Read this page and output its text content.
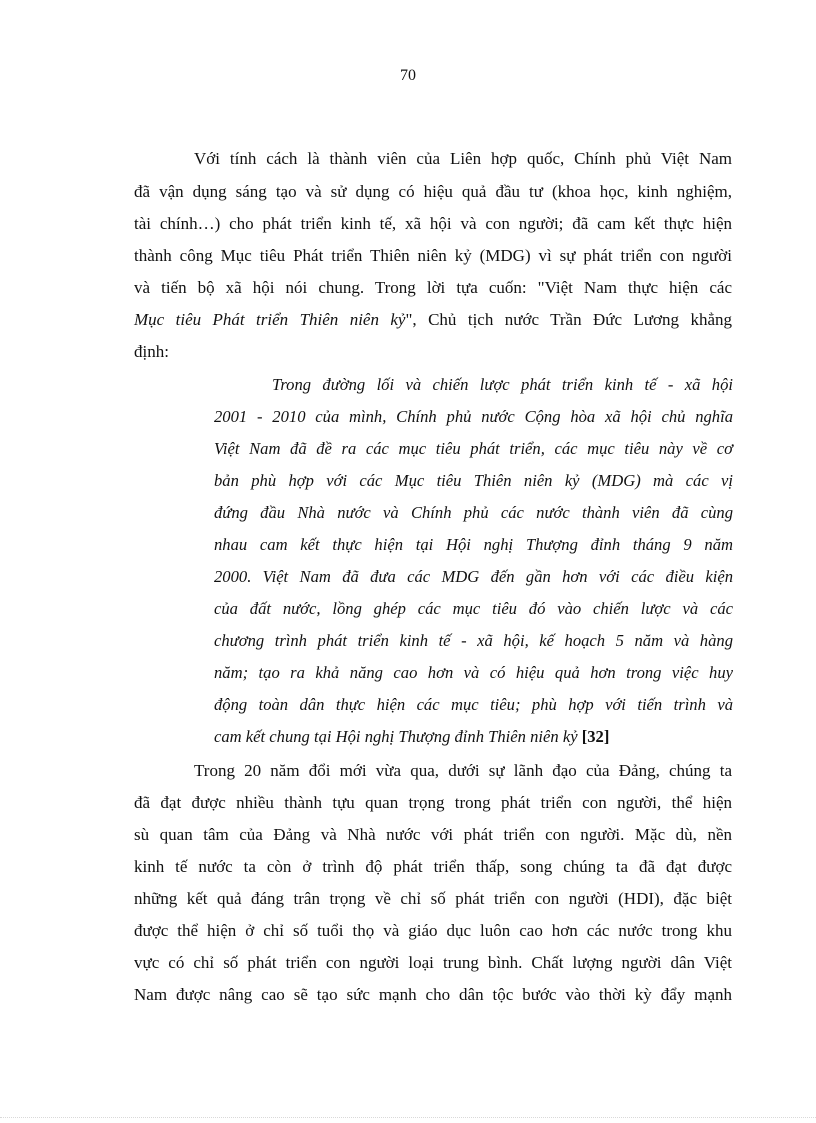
70
Với tính cách là thành viên của Liên hợp quốc, Chính phủ Việt Nam
đã vận dụng sáng tạo và sử dụng có hiệu quả đầu tư (khoa học, kinh nghiệm,
tài chính…) cho phát triển kinh tế, xã hội và con người; đã cam kết thực hiện
thành công Mục tiêu Phát triển Thiên niên kỷ (MDG) vì sự phát triển con người
và tiến bộ xã hội nói chung. Trong lời tựa cuốn: "Việt Nam thực hiện các
Mục tiêu Phát triển Thiên niên kỷ", Chủ tịch nước Trần Đức Lương khẳng
định:
Trong đường lối và chiến lược phát triển kinh tế - xã hội
2001 - 2010 của mình, Chính phủ nước Cộng hòa xã hội chủ nghĩa
Việt Nam đã đề ra các mục tiêu phát triển, các mục tiêu này về cơ
bản phù hợp với các Mục tiêu Thiên niên kỷ (MDG) mà các vị
đứng đầu Nhà nước và Chính phủ các nước thành viên đã cùng
nhau cam kết thực hiện tại Hội nghị Thượng đỉnh tháng 9 năm
2000. Việt Nam đã đưa các MDG đến gần hơn với các điều kiện
của đất nước, lồng ghép các mục tiêu đó vào chiến lược và các
chương trình phát triển kinh tế - xã hội, kế hoạch 5 năm và hàng
năm; tạo ra khả năng cao hơn và có hiệu quả hơn trong việc huy
động toàn dân thực hiện các mục tiêu; phù hợp với tiến trình và
cam kết chung tại Hội nghị Thượng đỉnh Thiên niên kỷ [32]
Trong 20 năm đổi mới vừa qua, dưới sự lãnh đạo của Đảng, chúng ta
đã đạt được nhiều thành tựu quan trọng trong phát triển con người, thể hiện
sù quan tâm của Đảng và Nhà nước với phát triển con người. Mặc dù, nền
kinh tế nước ta còn ở trình độ phát triển thấp, song chúng ta đã đạt được
những kết quả đáng trân trọng về chỉ số phát triển con người (HDI), đặc biệt
được thể hiện ở chỉ số tuổi thọ và giáo dục luôn cao hơn các nước trong khu
vực có chỉ số phát triển con người loại trung bình. Chất lượng người dân Việt
Nam được nâng cao sẽ tạo sức mạnh cho dân tộc bước vào thời kỳ đẩy mạnh
